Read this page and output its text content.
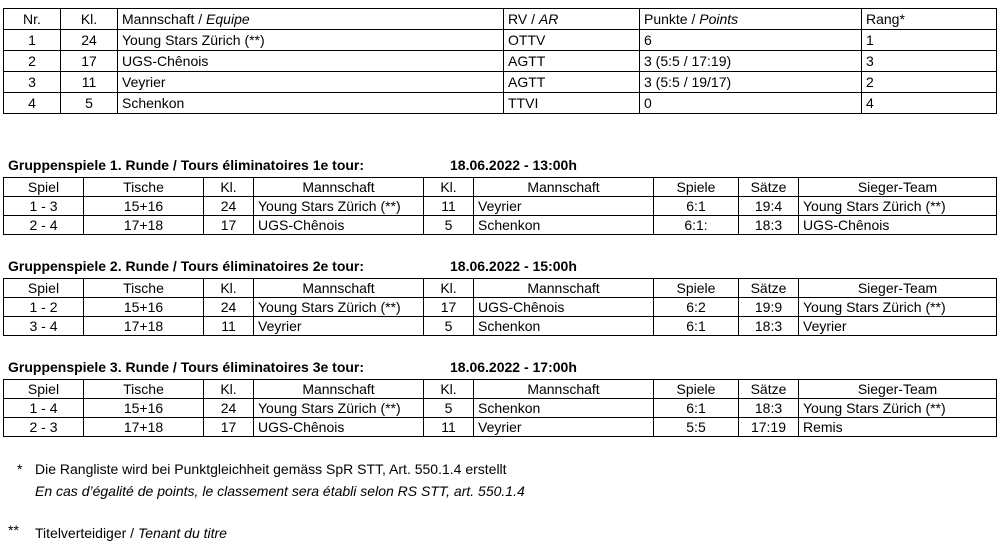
Nr.	Kl.	Mannschaft / Equipe	RV / AR	Punkte / Points	Rang*
1	24	Young Stars Zürich (**)	OTTV	6	1
2	17	UGS-Chênois	AGTT	3 (5:5 / 17:19)	3
3	11	Veyrier	AGTT	3 (5:5 / 19/17)	2
4	5	Schenkon	TTVI	0	4
Gruppenspiele 1. Runde / Tours éliminatoires 1e tour:	18.06.2022 - 13:00h
Spiel	Tische	Kl.	Mannschaft	Kl.	Mannschaft	Spiele	Sätze	Sieger-Team
1 - 3	15+16	24	Young Stars Zürich (**)	11	Veyrier	6:1	19:4	Young Stars Zürich (**)
2 - 4	17+18	17	UGS-Chênois	5	Schenkon	6:1:	18:3	UGS-Chênois
Gruppenspiele 2. Runde / Tours éliminatoires 2e tour:	18.06.2022 - 15:00h
Spiel	Tische	Kl.	Mannschaft	Kl.	Mannschaft	Spiele	Sätze	Sieger-Team
1 - 2	15+16	24	Young Stars Zürich (**)	17	UGS-Chênois	6:2	19:9	Young Stars Zürich (**)
3 - 4	17+18	11	Veyrier	5	Schenkon	6:1	18:3	Veyrier
Gruppenspiele 3. Runde / Tours éliminatoires 3e tour:	18.06.2022 - 17:00h
Spiel	Tische	Kl.	Mannschaft	Kl.	Mannschaft	Spiele	Sätze	Sieger-Team
1 - 4	15+16	24	Young Stars Zürich (**)	5	Schenkon	6:1	18:3	Young Stars Zürich (**)
2 - 3	17+18	17	UGS-Chênois	11	Veyrier	5:5	17:19	Remis
* Die Rangliste wird bei Punktgleichheit gemäss SpR STT, Art. 550.1.4 erstellt
En cas d’égalité de points, le classement sera établi selon RS STT, art. 550.1.4
** Titelverteidiger / Tenant du titre
